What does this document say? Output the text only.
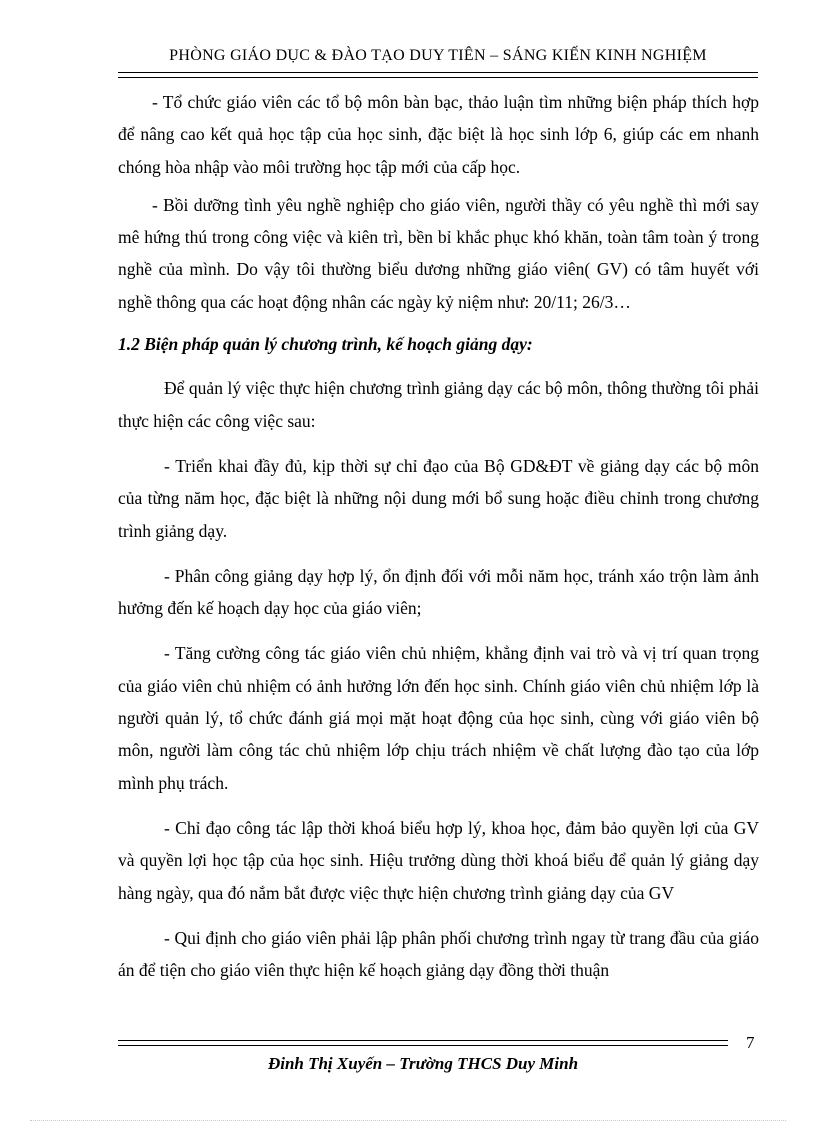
PHÒNG GIÁO DỤC & ĐÀO TẠO DUY TIÊN – SÁNG KIẾN KINH NGHIỆM

- Tổ chức giáo viên các tổ bộ môn bàn bạc, thảo luận tìm những biện pháp thích hợp để nâng cao kết quả học tập của học sinh, đặc biệt là học sinh lớp 6, giúp các em nhanh chóng hòa nhập vào môi trường học tập mới của cấp học.

- Bồi dưỡng tình yêu nghề nghiệp cho giáo viên, người thầy có yêu nghề thì mới say mê hứng thú trong công việc và kiên trì, bền bỉ khắc phục khó khăn, toàn tâm toàn ý trong nghề của mình. Do vậy tôi thường biểu dương những giáo viên( GV) có tâm huyết với nghề thông qua các hoạt động nhân các ngày kỷ niệm như: 20/11; 26/3…

1.2 Biện pháp quản lý chương trình, kế hoạch giảng dạy:

Để quản lý việc thực hiện chương trình giảng dạy các bộ môn, thông thường tôi phải thực hiện các công việc sau:

- Triển khai đầy đủ, kịp thời sự chỉ đạo của Bộ GD&ĐT về giảng dạy các bộ môn của từng năm học, đặc biệt là những nội dung mới bổ sung hoặc điều chỉnh trong chương trình giảng dạy.

- Phân công giảng dạy hợp lý, ổn định đối với mỗi năm học, tránh xáo trộn làm ảnh hưởng đến kế hoạch dạy học của giáo viên;

- Tăng cường công tác giáo viên chủ nhiệm, khẳng định vai trò và vị trí quan trọng của giáo viên chủ nhiệm có ảnh hưởng lớn đến học sinh. Chính giáo viên chủ nhiệm lớp là người quản lý, tổ chức đánh giá mọi mặt hoạt động của học sinh, cùng với giáo viên bộ môn, người làm công tác chủ nhiệm lớp chịu trách nhiệm về chất lượng đào tạo của lớp mình phụ trách.

- Chỉ đạo công tác lập thời khoá biểu hợp lý, khoa học, đảm bảo quyền lợi của GV và quyền lợi học tập của học sinh. Hiệu trưởng dùng thời khoá biểu để quản lý giảng dạy hàng ngày, qua đó nắm bắt được việc thực hiện chương trình giảng dạy của GV

- Qui định cho giáo viên phải lập phân phối chương trình ngay từ trang đầu của giáo án để tiện cho giáo viên thực hiện kế hoạch giảng dạy đồng thời thuận

7
Đinh Thị Xuyến – Trường THCS Duy Minh
